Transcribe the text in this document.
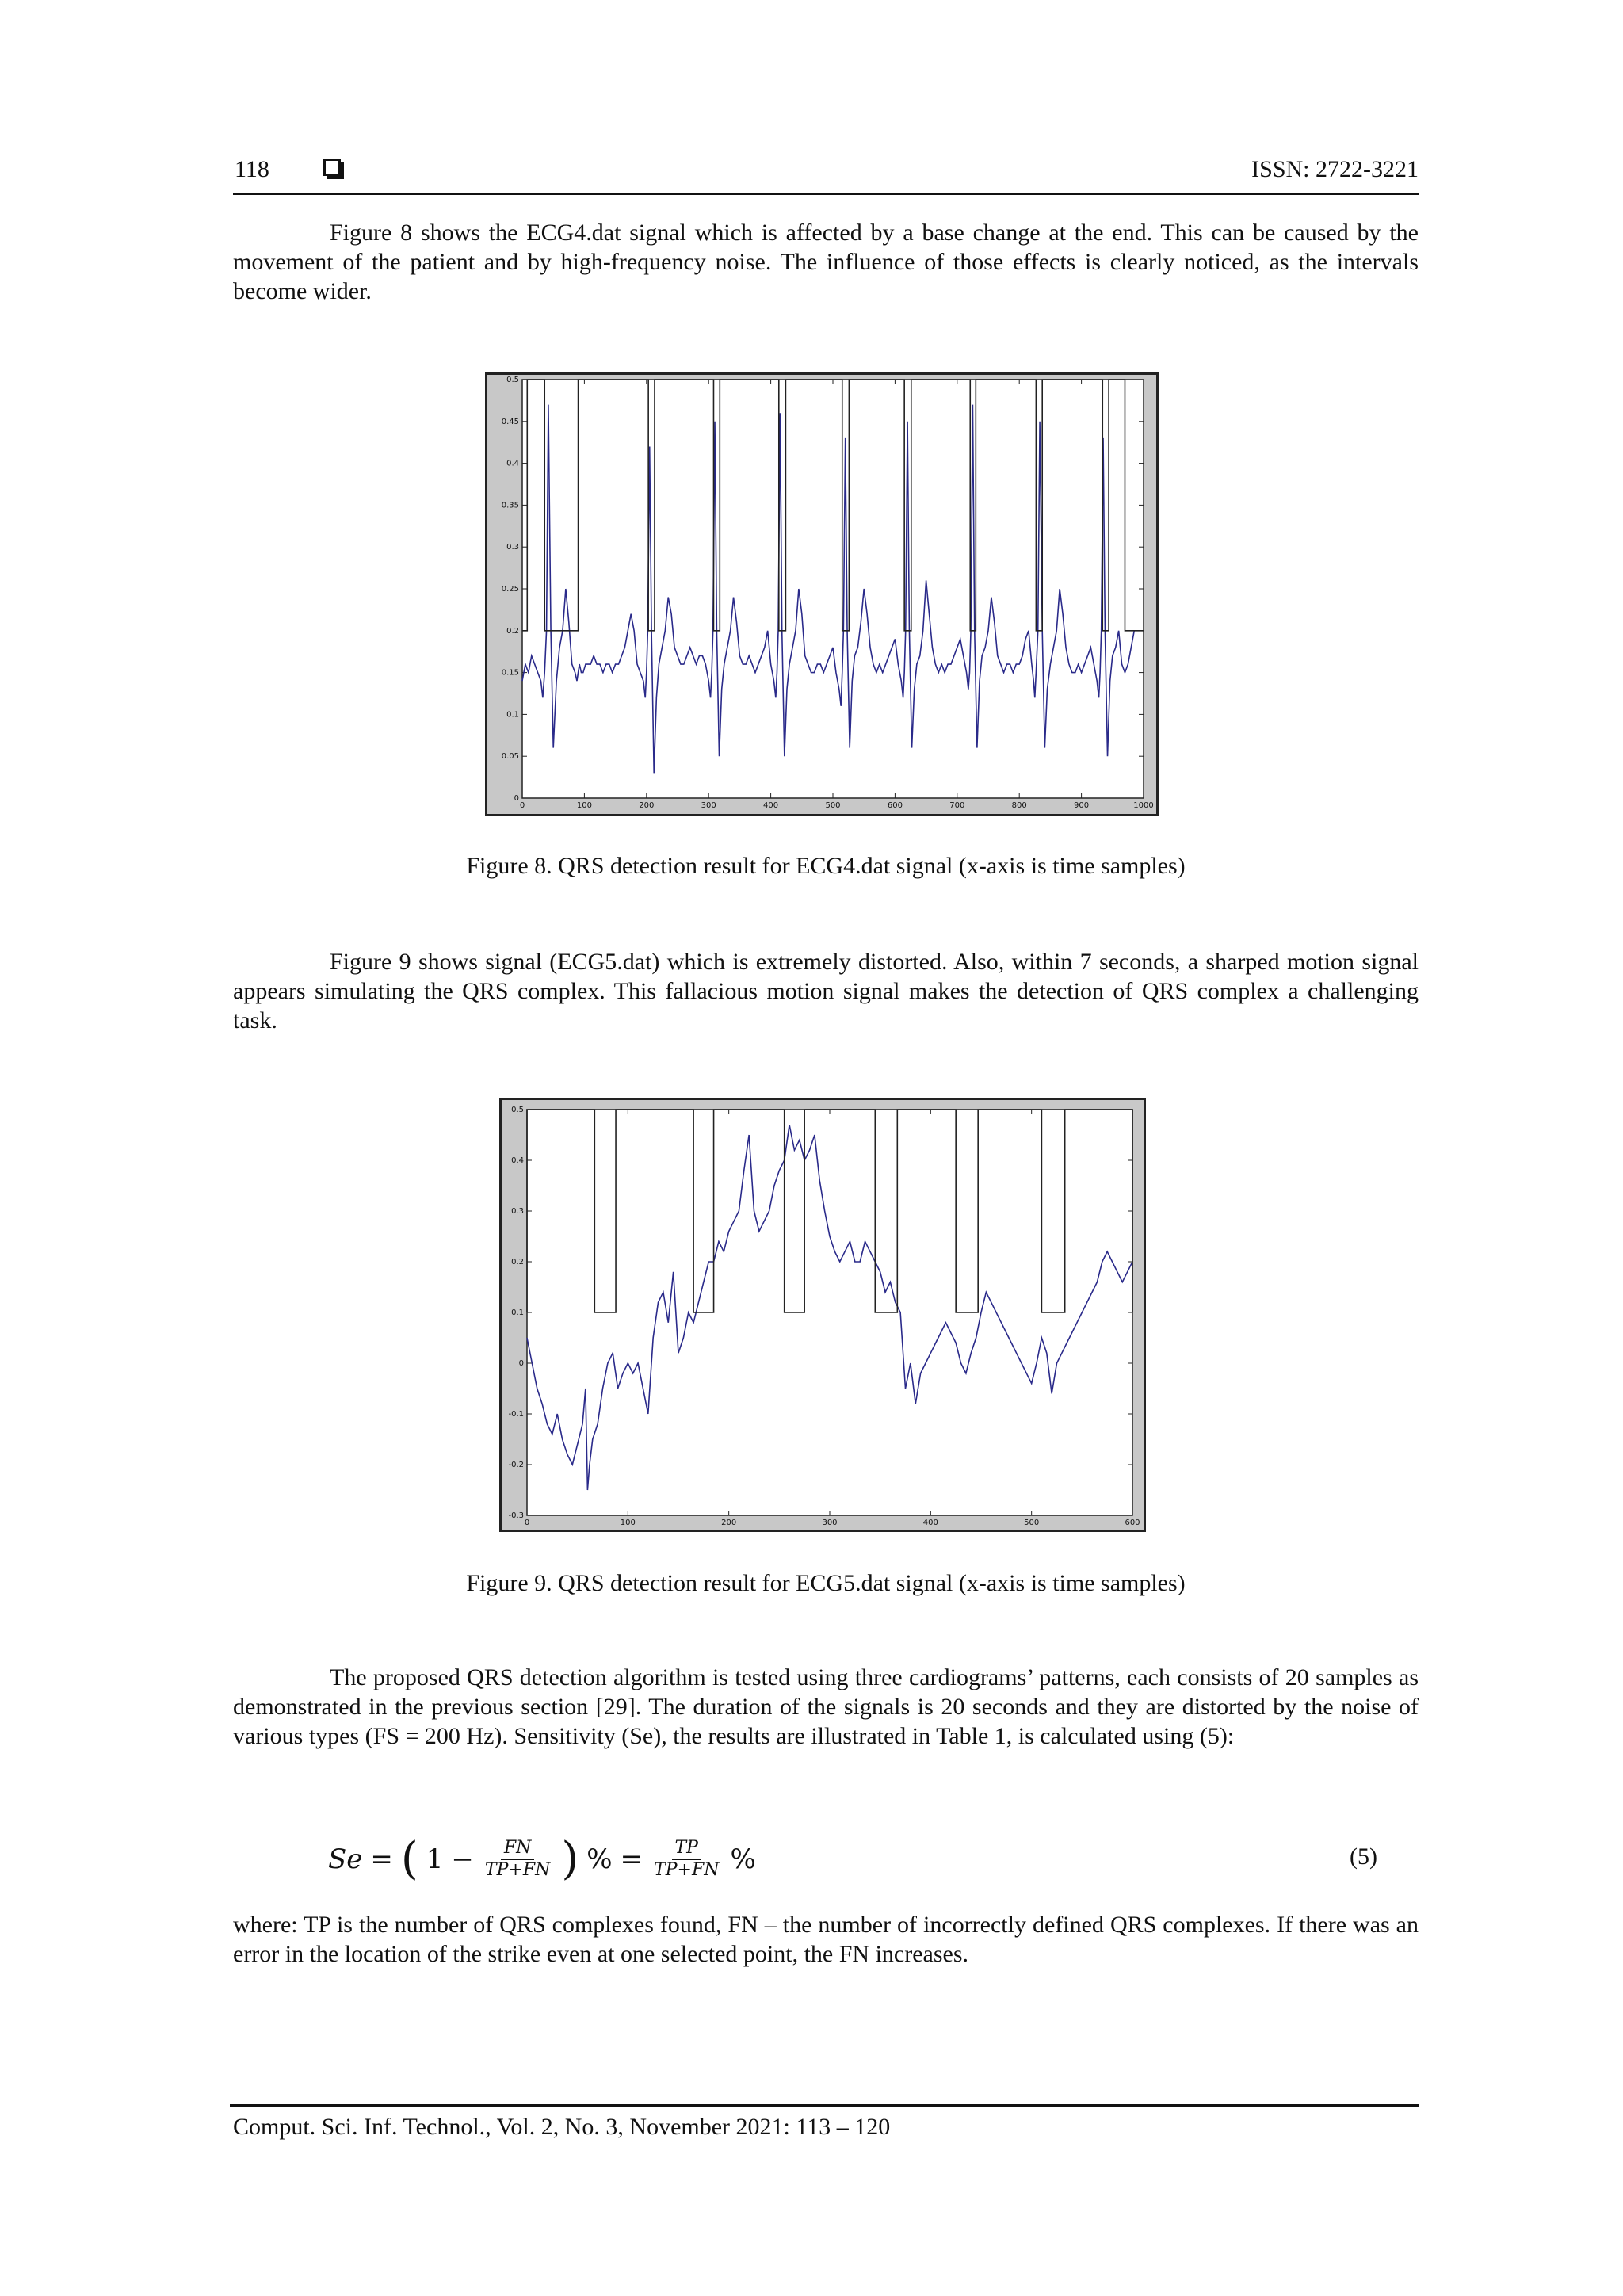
118	ISSN: 2722-3221

Figure 8 shows the ECG4.dat signal which is affected by a base change at the end. This can be caused by the movement of the patient and by high-frequency noise. The influence of those effects is clearly noticed, as the intervals become wider.

0	100	200	300	400	500	600	700	800	900	1000
0
0.05
0.1
0.15
0.2
0.25
0.3
0.35
0.4
0.45
0.5
Figure 8. QRS detection result for ECG4.dat signal (x-axis is time samples)

Figure 9 shows signal (ECG5.dat) which is extremely distorted. Also, within 7 seconds, a sharped motion signal appears simulating the QRS complex. This fallacious motion signal makes the detection of QRS complex a challenging task.

0	100	200	300	400	500	600
-0.3
-0.2
-0.1
0
0.1
0.2
0.3
0.4
0.5
Figure 9. QRS detection result for ECG5.dat signal (x-axis is time samples)

The proposed QRS detection algorithm is tested using three cardiograms’ patterns, each consists of 20 samples as demonstrated in the previous section [29]. The duration of the signals is 20 seconds and they are distorted by the noise of various types (FS = 200 Hz). Sensitivity (Se), the results are illustrated in Table 1, is calculated using (5):

Se = ( $1 - \frac{FN}{TP+FN}$ ) % = $\frac{TP}{TP+FN}$ %	(5)

where: TP is the number of QRS complexes found, FN – the number of incorrectly defined QRS complexes. If there was an error in the location of the strike even at one selected point, the FN increases.

Comput. Sci. Inf. Technol., Vol. 2, No. 3, November 2021: 113 – 120
